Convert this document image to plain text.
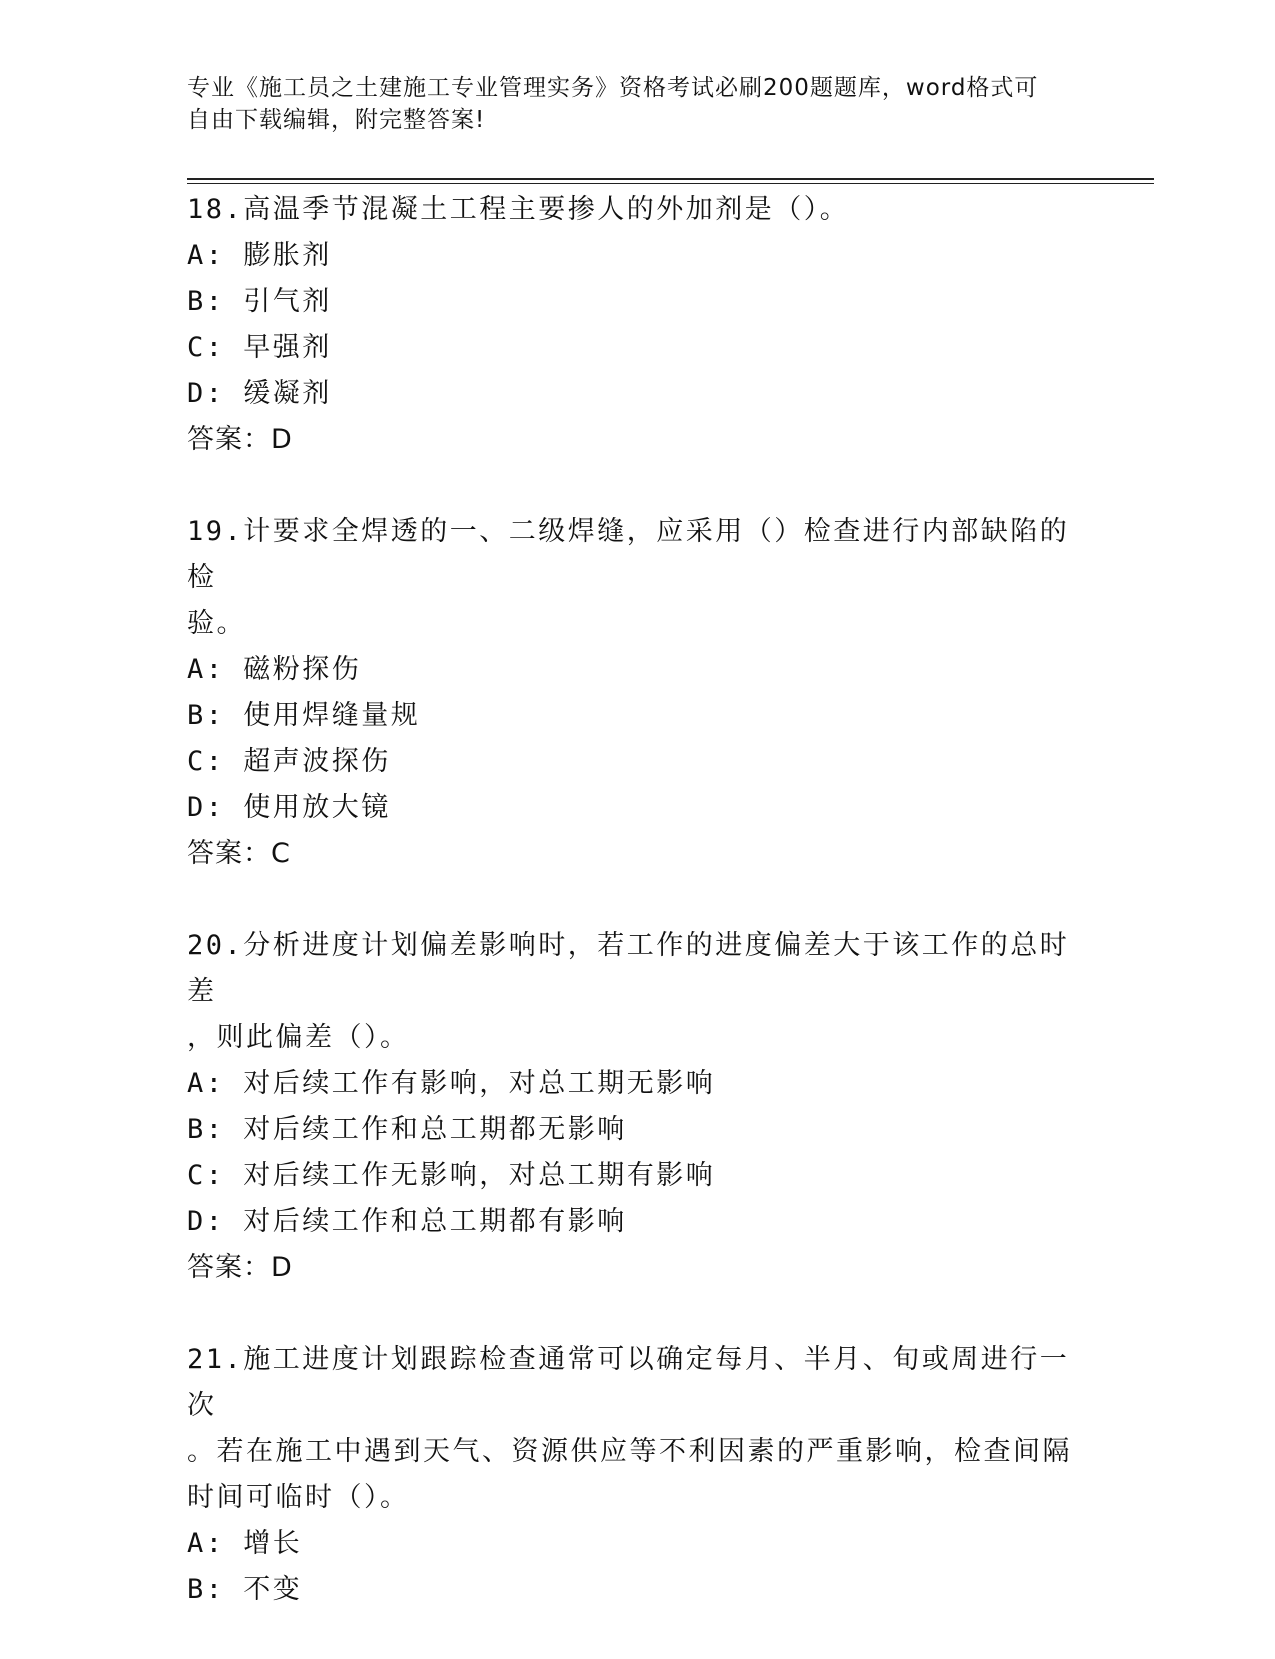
专业《施工员之土建施工专业管理实务》资格考试必刷200题题库，word格式可
自由下载编辑，附完整答案!
18.高温季节混凝土工程主要掺人的外加剂是（）。
A: 膨胀剂
B: 引气剂
C: 早强剂
D: 缓凝剂
答案：D
19.计要求全焊透的一、二级焊缝，应采用（）检查进行内部缺陷的检
验。
A: 磁粉探伤
B: 使用焊缝量规
C: 超声波探伤
D: 使用放大镜
答案：C
20.分析进度计划偏差影响时，若工作的进度偏差大于该工作的总时差
，则此偏差（）。
A: 对后续工作有影响，对总工期无影响
B: 对后续工作和总工期都无影响
C: 对后续工作无影响，对总工期有影响
D: 对后续工作和总工期都有影响
答案：D
21.施工进度计划跟踪检查通常可以确定每月、半月、旬或周进行一次
。若在施工中遇到天气、资源供应等不利因素的严重影响，检查间隔
时间可临时（）。
A: 增长
B: 不变
